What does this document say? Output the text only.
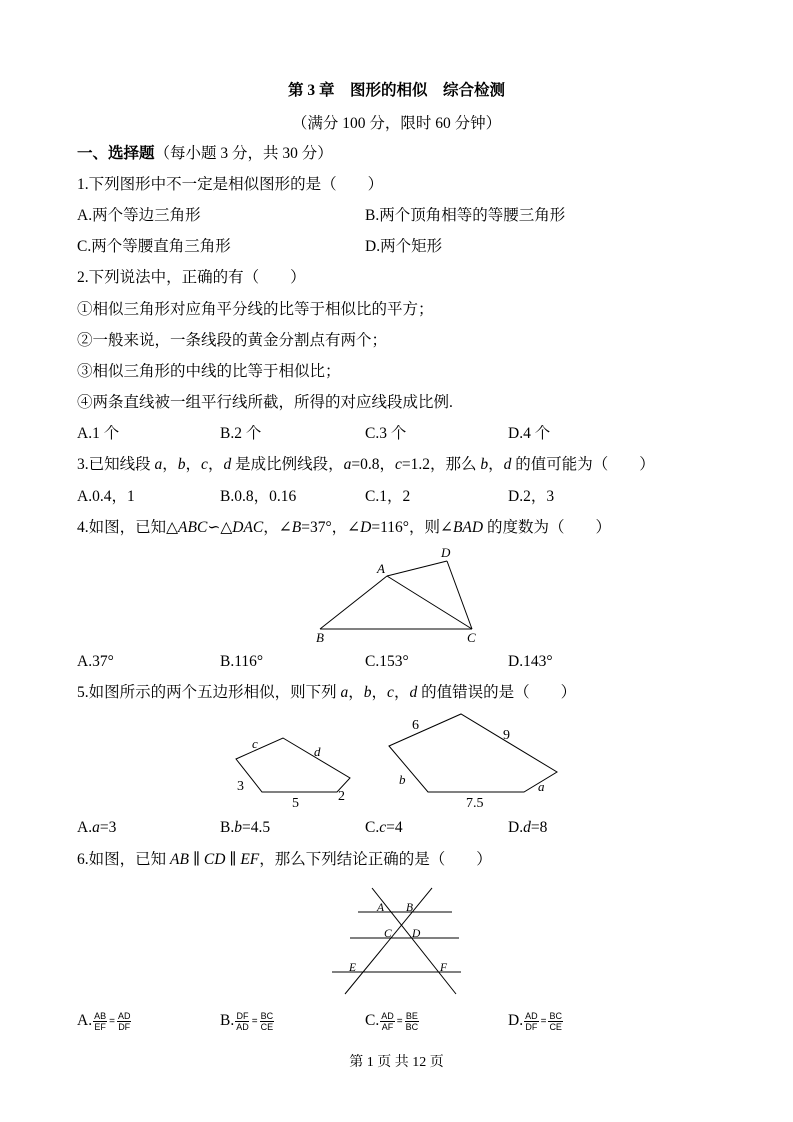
第 3 章　图形的相似　综合检测
（满分 100 分，限时 60 分钟）
一、选择题（每小题 3 分，共 30 分）
1.下列图形中不一定是相似图形的是（　　）
A.两个等边三角形	B.两个顶角相等的等腰三角形
C.两个等腰直角三角形	D.两个矩形
2.下列说法中，正确的有（　　）
①相似三角形对应角平分线的比等于相似比的平方；
②一般来说，一条线段的黄金分割点有两个；
③相似三角形的中线的比等于相似比；
④两条直线被一组平行线所截，所得的对应线段成比例.
A.1 个	B.2 个	C.3 个	D.4 个
3.已知线段 a，b，c，d 是成比例线段，a=0.8，c=1.2，那么 b，d 的值可能为（　　）
A.0.4，1	B.0.8，0.16	C.1，2	D.2，3
4.如图，已知△ABC∽△DAC，∠B=37°，∠D=116°，则∠BAD 的度数为（　　）
A
D
B	C
A.37°	B.116°	C.153°	D.143°
5.如图所示的两个五边形相似，则下列 a，b，c，d 的值错误的是（　　）
c
d
3
5	2
6
9
b
7.5
a
A.a=3	B.b=4.5	C.c=4	D.d=8
6.如图，已知 AB ∥ CD ∥ EF，那么下列结论正确的是（　　）
A B
C D
E	F
A. $\frac{AB}{EF} = \frac{AD}{DF}$	B. $\frac{DF}{AD} = \frac{BC}{CE}$	C. $\frac{AD}{AF} = \frac{BE}{BC}$	D. $\frac{AD}{DF} = \frac{BC}{CE}$
第 1 页 共 12 页
